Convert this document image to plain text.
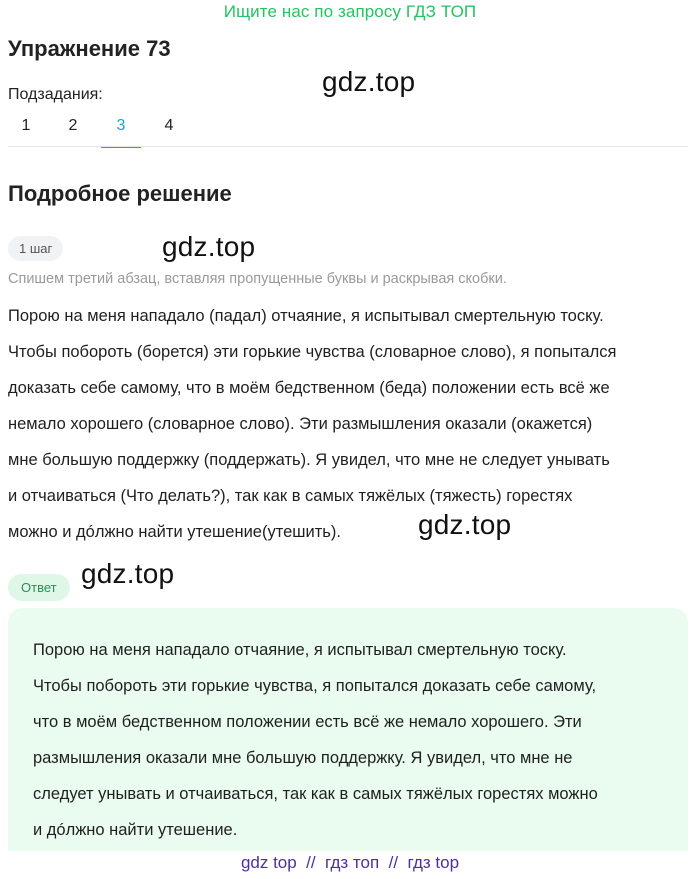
Ищите нас по запросу ГДЗ ТОП
Упражнение 73
gdz.top
Подзадания:
1	2	3	4
Подробное решение
1 шаг	gdz.top
Спишем третий абзац, вставляя пропущенные буквы и раскрывая скобки.
Порою на меня нападало (падал) отчаяние, я испытывал смертельную тоску.
Чтобы побороть (борется) эти горькие чувства (словарное слово), я попытался
доказать себе самому, что в моём бедственном (беда) положении есть всё же
немало хорошего (словарное слово). Эти размышления оказали (окажется)
мне большую поддержку (поддержать). Я увидел, что мне не следует унывать
и отчаиваться (Что делать?), так как в самых тяжёлых (тяжесть) горестях
можно и дóлжно найти утешение(утешить).	gdz.top
Ответ gdz.top
Порою на меня нападало отчаяние, я испытывал смертельную тоску.
Чтобы побороть эти горькие чувства, я попытался доказать себе самому,
что в моём бедственном положении есть всё же немало хорошего. Эти
размышления оказали мне большую поддержку. Я увидел, что мне не
следует унывать и отчаиваться, так как в самых тяжёлых горестях можно
и дóлжно найти утешение.
gdz top  //  гдз топ  //  гдз top
